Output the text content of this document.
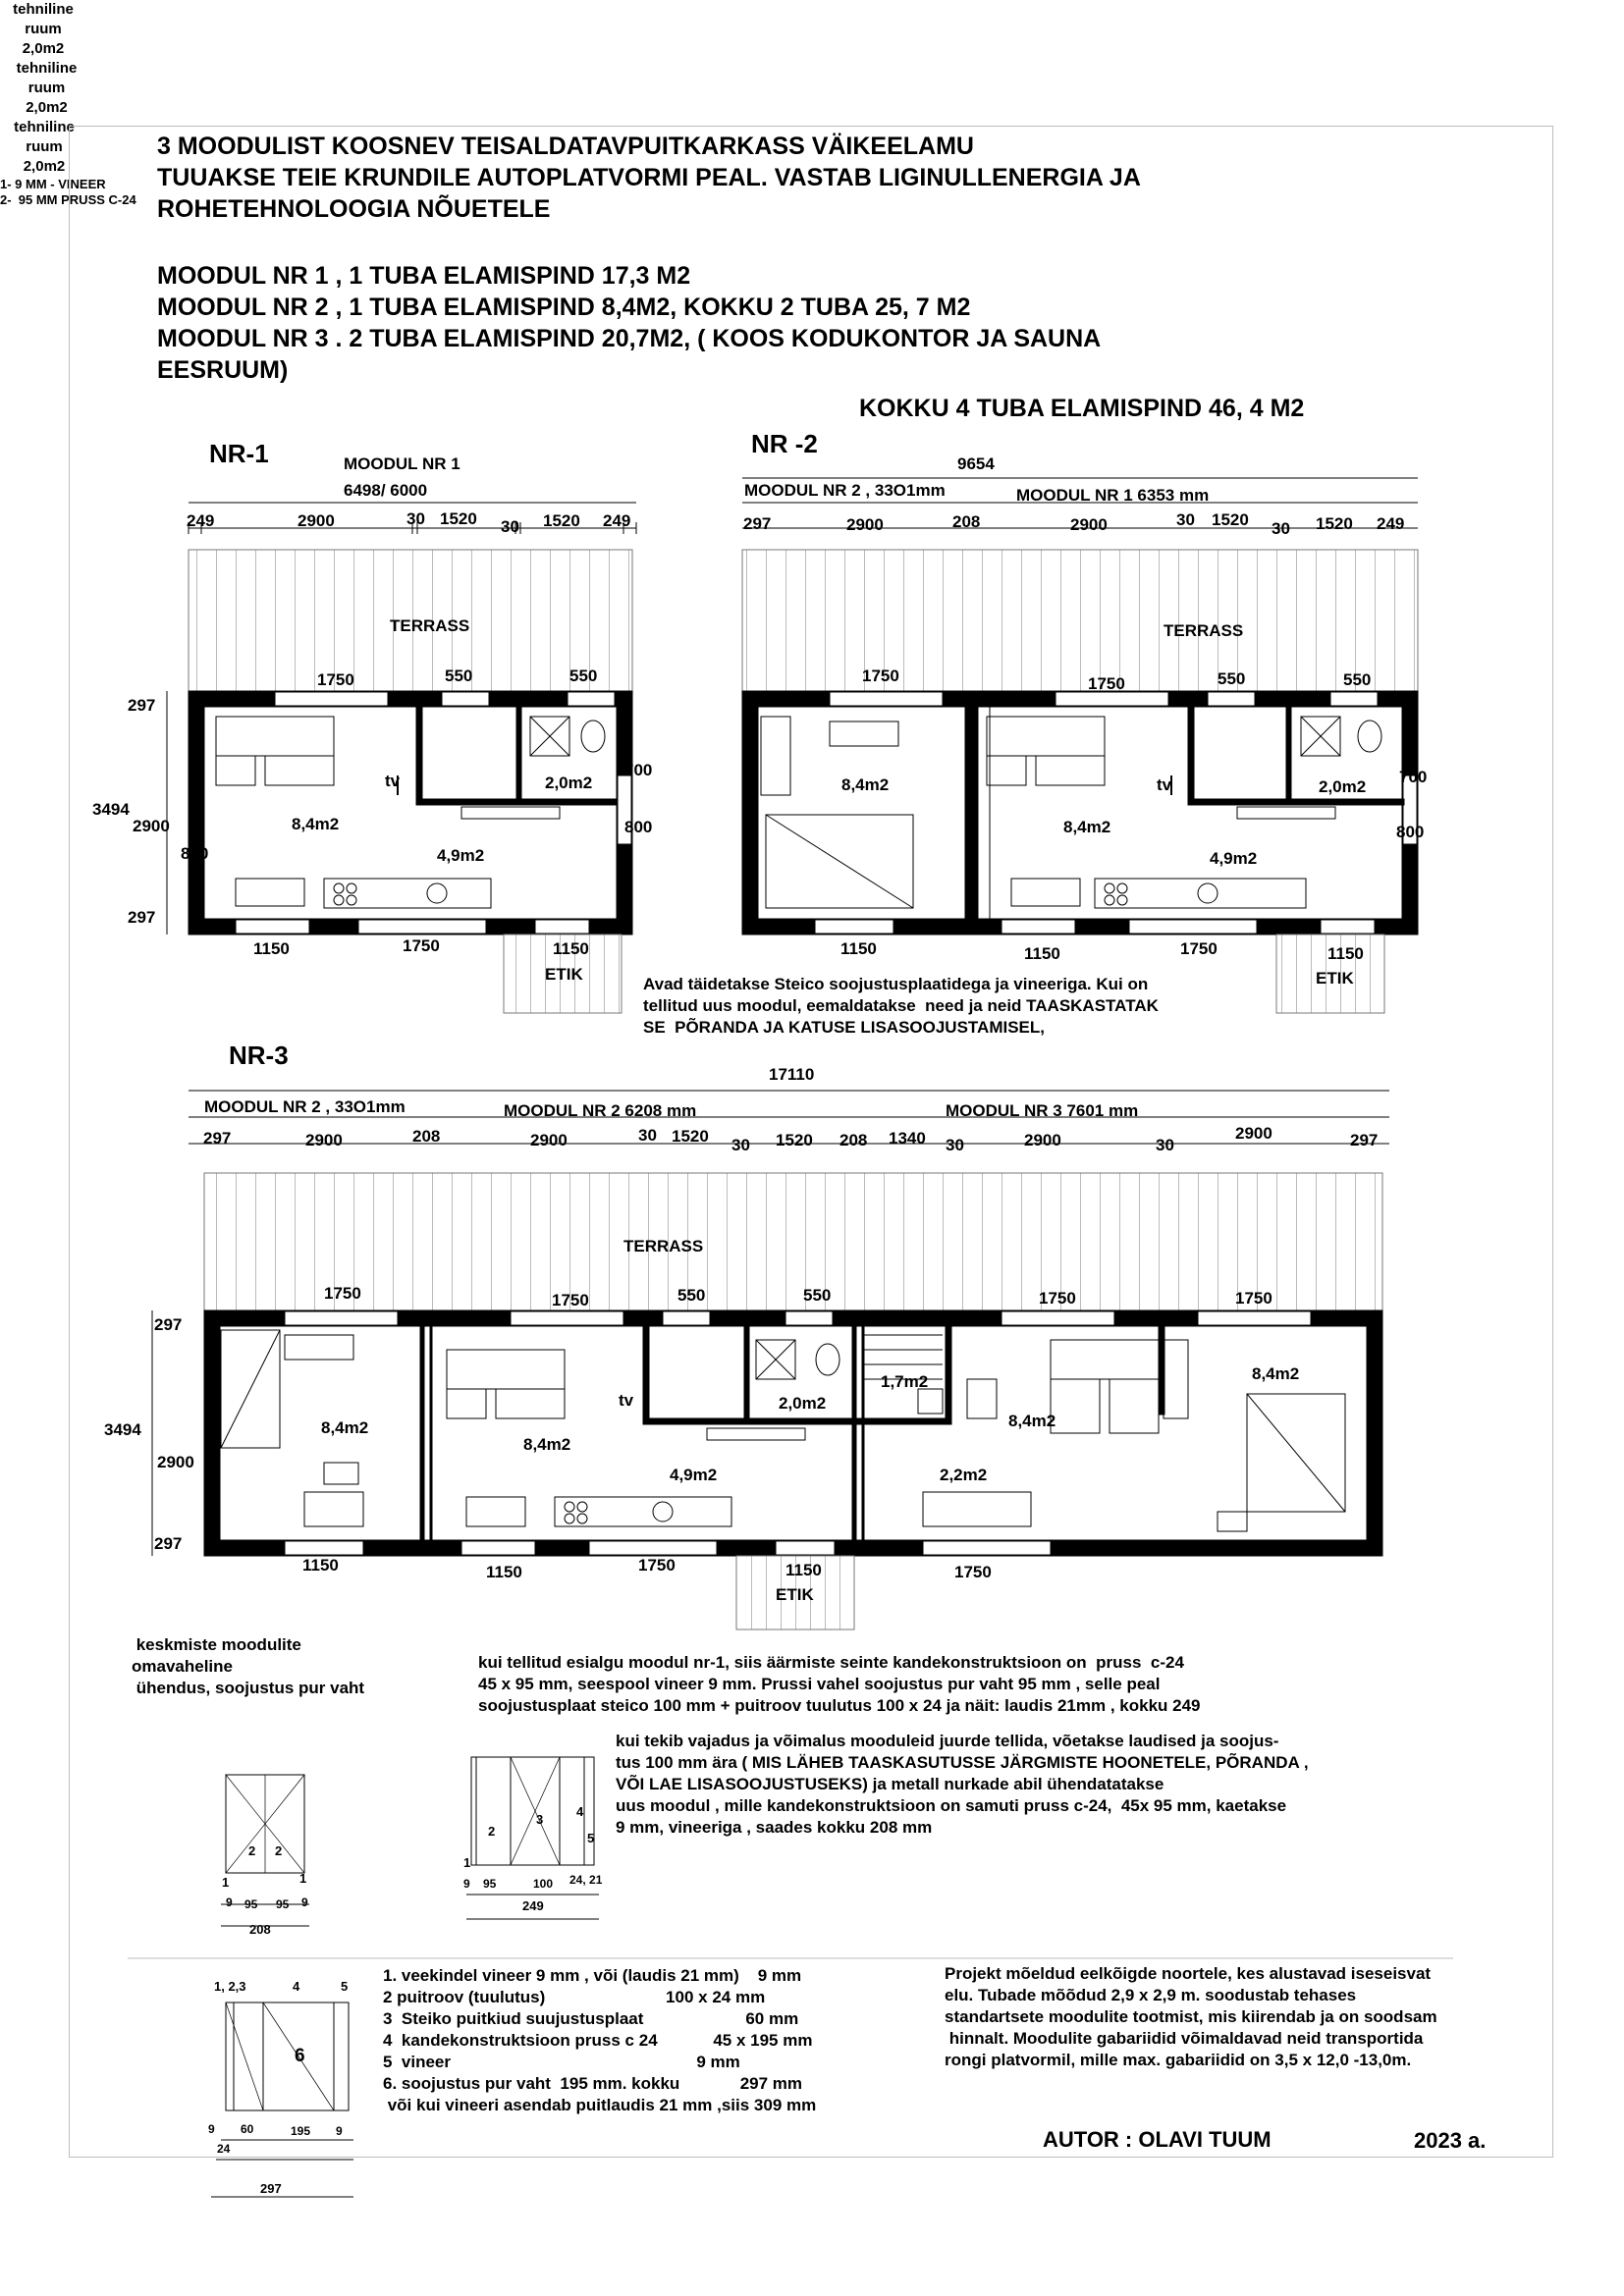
3 MOODULIST KOOSNEV TEISALDATAVPUITKARKASS VÄIKEELAMU
TUUAKSE TEIE KRUNDILE AUTOPLATVORMI PEAL. VASTAB LIGINULLENERGIA JA
ROHETEHNOLOOGIA NÕUETELE
MOODUL NR 1 , 1 TUBA ELAMISPIND 17,3 M2
MOODUL NR 2 , 1 TUBA ELAMISPIND 8,4M2, KOKKU 2 TUBA 25, 7 M2
MOODUL NR 3 . 2 TUBA ELAMISPIND 20,7M2, ( KOOS KODUKONTOR JA SAUNA
EESRUUM)
KOKKU 4 TUBA ELAMISPIND 46, 4 M2
NR-1	MOODUL NR 1
6498/ 6000
249	2900	30 1520 30 1520 249
TERRASS
1750	550	550
tehniline
ruum
2,0m2
2,0m2
tv
8,4m2
4,9m2
1150	1750	1150
297
3494
2900
800
297
700
800
ETIK
NR -2
9654
MOODUL NR 2 , 33O1mm	MOODUL NR 1 6353 mm
297	2900	208	2900	30 1520 30 1520 249
TERRASS
1750	1750	550	550
8,4m2
tehniline
ruum
2,0m2
2,0m2
tv
8,4m2
4,9m2
1150	1150	1750	1150
700
800
ETIK
Avad täidetakse Steico soojustusplaatidega ja vineeriga. Kui on
tellitud uus moodul, eemaldatakse  need ja neid TAASKASTATAK
SE  PÕRANDA JA KATUSE LISASOOJUSTAMISEL,
NR-3
17110
MOODUL NR 2 , 33O1mm	MOODUL NR 2 6208 mm	MOODUL NR 3 7601 mm
297	2900	208	2900	30 1520 30 1520 208 1340 30	2900	30
2900	297
TERRASS
1750	1750	550	550	1750	1750
8,4m2
8,4m2
4,9m2
2,0m2
1,7m2
8,4m2
2,2m2
8,4m2
tehniline
ruum
2,0m2
tv
1150	1150	1750	1150	1750
297
3494
2900
297
ETIK
keskmiste moodulite
omavaheline
ühendus, soojustus pur vaht
1- 9 MM - VINEER
2-  95 MM PRUSS C-24
2 2
1	1
9 95 95 9
208
kui tellitud esialgu moodul nr-1, siis äärmiste seinte kandekonstruktsioon on  pruss  c-24
45 x 95 mm, seespool vineer 9 mm. Prussi vahel soojustus pur vaht 95 mm , selle peal
soojustusplaat steico 100 mm + puitroov tuulutus 100 x 24 ja näit: laudis 21mm , kokku 249
kui tekib vajadus ja võimalus mooduleid juurde tellida, võetakse laudised ja soojus-
tus 100 mm ära ( MIS LÄHEB TAASKASUTUSSE JÄRGMISTE HOONETELE, PÕRANDA ,
VÕI LAE LISASOOJUSTUSEKS) ja metall nurkade abil ühendatatakse
uus moodul , mille kandekonstruktsioon on samuti pruss c-24,  45x 95 mm, kaetakse
9 mm, vineeriga , saades kokku 208 mm
1
2
3
4
5
9 95	100 24, 21
249
1, 2,3	4	5
6
9 60	195 9
24
297
1. veekindel vineer 9 mm , või (laudis 21 mm)    9 mm
2 puitroov (tuulutus)                          100 x 24 mm
3  Steiko puitkiud suujustusplaat                      60 mm
4  kandekonstruktsioon pruss c 24            45 x 195 mm
5  vineer                                                     9 mm
6. soojustus pur vaht  195 mm. kokku             297 mm
või kui vineeri asendab puitlaudis 21 mm ,siis 309 mm
Projekt mõeldud eelkõigde noortele, kes alustavad iseseisvat
elu. Tubade mõõdud 2,9 x 2,9 m. soodustab tehases
standartsete moodulite tootmist, mis kiirendab ja on soodsam
hinnalt. Moodulite gabariidid võimaldavad neid transportida
rongi platvormil, mille max. gabariidid on 3,5 x 12,0 -13,0m.
AUTOR : OLAVI TUUM	2023 a.
